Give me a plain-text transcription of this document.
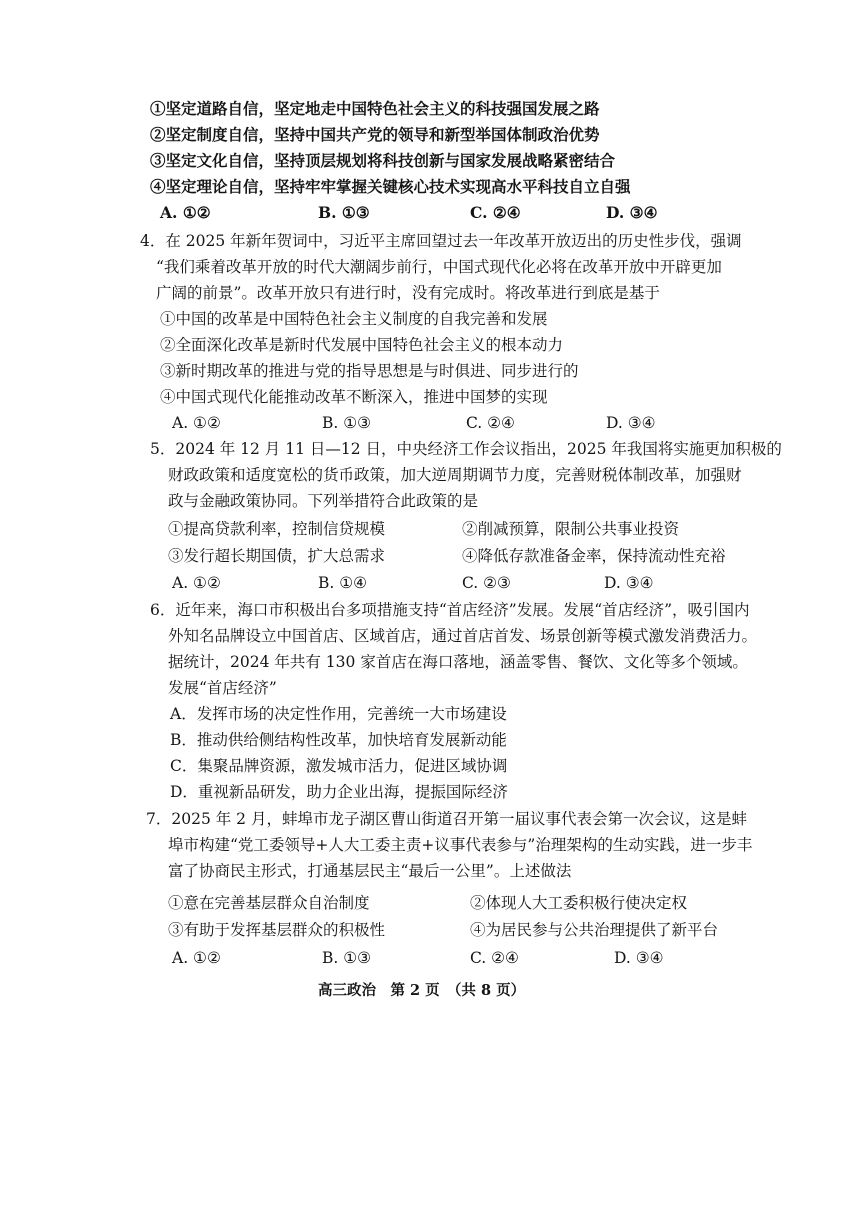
①坚定道路自信，坚定地走中国特色社会主义的科技强国发展之路
②坚定制度自信，坚持中国共产党的领导和新型举国体制政治优势
③坚定文化自信，坚持顶层规划将科技创新与国家发展战略紧密结合
④坚定理论自信，坚持牢牢掌握关键核心技术实现高水平科技自立自强
A. ①②	B. ①③	C. ②④	D. ③④
4．在 2025 年新年贺词中，习近平主席回望过去一年改革开放迈出的历史性步伐，强调
“我们乘着改革开放的时代大潮阔步前行，中国式现代化必将在改革开放中开辟更加
广阔的前景”。改革开放只有进行时，没有完成时。将改革进行到底是基于
①中国的改革是中国特色社会主义制度的自我完善和发展
②全面深化改革是新时代发展中国特色社会主义的根本动力
③新时期改革的推进与党的指导思想是与时俱进、同步进行的
④中国式现代化能推动改革不断深入，推进中国梦的实现
A. ①②	B. ①③	C. ②④	D. ③④
5．2024 年 12 月 11 日—12 日，中央经济工作会议指出，2025 年我国将实施更加积极的
财政政策和适度宽松的货币政策，加大逆周期调节力度，完善财税体制改革，加强财
政与金融政策协同。下列举措符合此政策的是
①提高贷款利率，控制信贷规模	②削减预算，限制公共事业投资
③发行超长期国债，扩大总需求	④降低存款准备金率，保持流动性充裕
A. ①②	B. ①④	C. ②③	D. ③④
6．近年来，海口市积极出台多项措施支持“首店经济”发展。发展“首店经济”，吸引国内
外知名品牌设立中国首店、区域首店，通过首店首发、场景创新等模式激发消费活力。
据统计，2024 年共有 130 家首店在海口落地，涵盖零售、餐饮、文化等多个领域。
发展“首店经济”
A．发挥市场的决定性作用，完善统一大市场建设
B．推动供给侧结构性改革，加快培育发展新动能
C．集聚品牌资源，激发城市活力，促进区域协调
D．重视新品研发，助力企业出海，提振国际经济
7．2025 年 2 月，蚌埠市龙子湖区曹山街道召开第一届议事代表会第一次会议，这是蚌
埠市构建“党工委领导+人大工委主责+议事代表参与”治理架构的生动实践，进一步丰
富了协商民主形式，打通基层民主“最后一公里”。上述做法
①意在完善基层群众自治制度	②体现人大工委积极行使决定权
③有助于发挥基层群众的积极性	④为居民参与公共治理提供了新平台
A. ①②	B. ①③	C. ②④	D. ③④
高三政治　第 2 页　（共 8 页）
